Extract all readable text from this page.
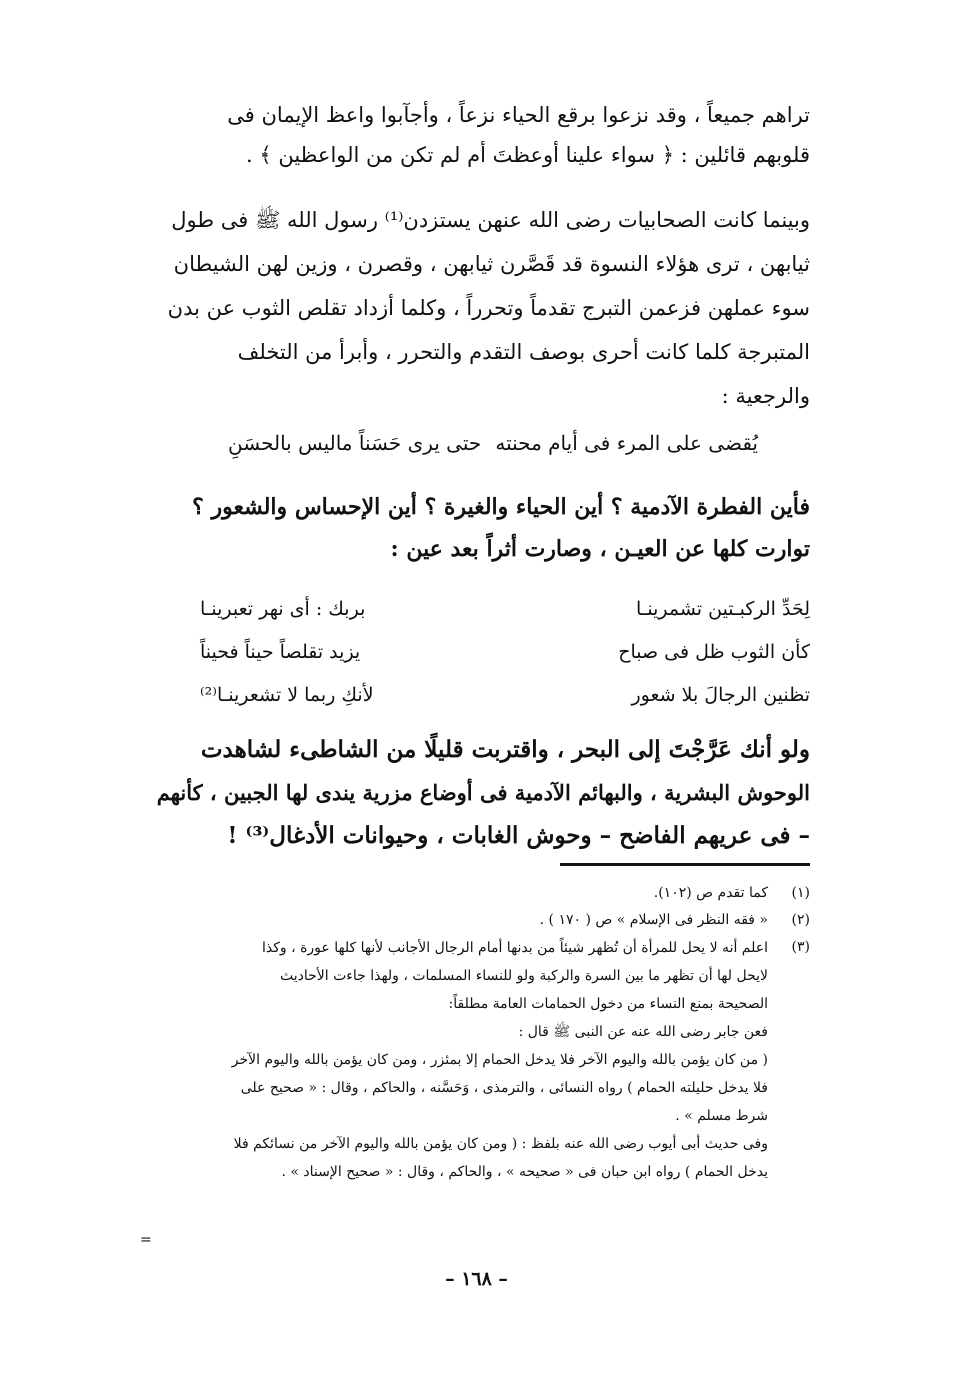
تراهم جميعاً ، وقد نزعوا برقع الحياء نزعاً ، وأجآبوا واعظ الإيمان فى
قلوبهم قائلين : ﴿ سواء علينا أوعظتَ أم لم تكن من الواعظين ﴾ .
وبينما كانت الصحابيات رضى الله عنهن يستزدن⁽¹⁾ رسول الله ﷺ فى طول
ثيابهن ، ترى هؤلاء النسوة قد قَصَّرن ثيابهن ، وقصرن ، وزين لهن الشيطان
سوء عملهن فزعمن التبرج تقدماً وتحرراً ، وكلما أزداد تقلص الثوب عن بدن
المتبرجة كلما كانت أحرى بوصف التقدم والتحرر ، وأبرأ من التخلف
والرجعية :
يُقضى على المرء فى أيام محنته
حتى يرى حَسَناً ماليس بالحسَنِ
فأين الفطرة الآدمية ؟ أين الحياء والغيرة ؟ أين الإحساس والشعور ؟
توارت كلها عن العيـن ، وصارت أثراً بعد عين :
لِحَدِّ الركبـتين تشمرينـا
بربك : أى نهر تعبرينـا
كأن الثوب ظل فى صباح
يزيد تقلصاً حيناً فحيناً
تظنين الرجالَ بلا شعور
لأنكِ ربما لا تشعرينـا⁽²⁾
ولو أنك عَرَّجْتَ إلى البحر ، واقتربت قليلًا من الشاطىء لشاهدت
الوحوش البشرية ، والبهائم الآدمية فى أوضاع مزرية يندى لها الجبين ، كأنهم
– فى عريهم الفاضح – وحوش الغابات ، وحيوانات الأدغال⁽³⁾ !
(١)
كما تقدم ص (١٠٢).
(٢)
« فقه النظر فى الإسلام » ص ( ١٧٠ ) .
(٣)
اعلم أنه لا يحل للمرأة أن تُظهر شيئاً من بدنها أمام الرجال الأجانب لأنها كلها عورة ، وكذا
لايحل لها أن تظهر ما بين السرة والركبة ولو للنساء المسلمات ، ولهذا جاءت الأحاديث
الصحيحة بمنع النساء من دخول الحمامات العامة مطلقاً:
فعن جابر رضى الله عنه عن النبى ﷺ قال :
( من كان يؤمن بالله واليوم الآخر فلا يدخل الحمام إلا بمئزر ، ومن كان يؤمن بالله واليوم الآخر
فلا يدخل حليلته الحمام ) رواه النسائى ، والترمذى ، وَحَسَّنه ، والحاكم ، وقال : « صحيح على
شرط مسلم » .
وفى حديث أبى أيوب رضى الله عنه بلفظ : ( ومن كان يؤمن بالله واليوم الآخر من نسائكم فلا
يدخل الحمام ) رواه ابن حبان فى « صحيحه » ، والحاكم ، وقال : « صحيح الإسناد » .
=
– ١٦٨ –
